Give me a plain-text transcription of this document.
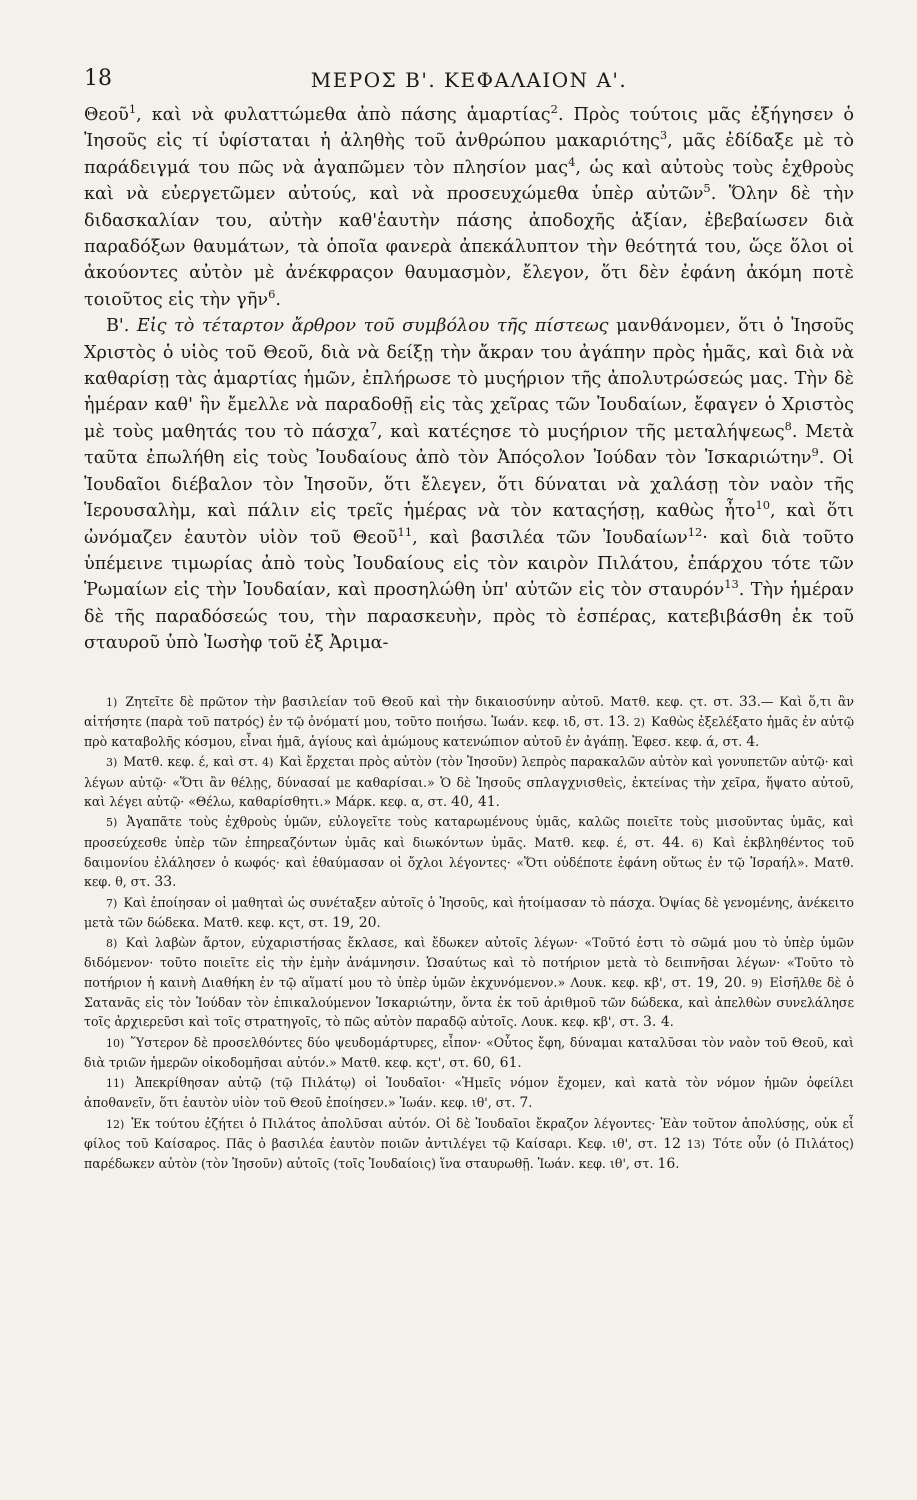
18	ΜΕΡΟΣ Β'. ΚΕΦΑΛΑΙΟΝ Α'.

Θεοῦ$^1$, καὶ νὰ φυλαττώμεθα ἀπὸ πάσης ἁμαρτίας$^2$. Πρὸς τούτοις μᾶς ἐξήγησεν ὁ Ἰησοῦς εἰς τί ὑφίσταται ἡ ἀληθὴς τοῦ ἀνθρώπου μακαριότης$^3$, μᾶς ἐδίδαξε μὲ τὸ παράδειγμά του πῶς νὰ ἀγαπῶμεν τὸν πλησίον μας$^4$, ὡς καὶ αὐτοὺς τοὺς ἐχθροὺς καὶ νὰ εὐεργετῶμεν αὐτούς, καὶ νὰ προσευχώμεθα ὑπὲρ αὐτῶν$^5$. Ὅλην δὲ τὴν διδασκαλίαν του, αὐτὴν καθ'ἑαυτὴν πάσης ἀποδοχῆς ἀξίαν, ἐβεβαίωσεν διὰ παραδόξων θαυμάτων, τὰ ὁποῖα φανερὰ ἀπεκάλυπτον τὴν θεότητά του, ὥςε ὅλοι οἱ ἀκούοντες αὐτὸν μὲ ἀνέκφραςον θαυμασμὸν, ἔλεγον, ὅτι δὲν ἐφάνη ἀκόμη ποτὲ τοιοῦτος εἰς τὴν γῆν$^6$.

Β'. Εἰς τὸ τέταρτον ἄρθρον τοῦ συμβόλου τῆς πίστεως μανθάνομεν, ὅτι ὁ Ἰησοῦς Χριστὸς ὁ υἱὸς τοῦ Θεοῦ, διὰ νὰ δείξῃ τὴν ἄκραν του ἀγάπην πρὸς ἡμᾶς, καὶ διὰ νὰ καθαρίσῃ τὰς ἁμαρτίας ἡμῶν, ἐπλήρωσε τὸ μυςήριον τῆς ἀπολυτρώσεώς μας. Τὴν δὲ ἡμέραν καθ' ἣν ἔμελλε νὰ παραδοθῇ εἰς τὰς χεῖρας τῶν Ἰουδαίων, ἔφαγεν ὁ Χριστὸς μὲ τοὺς μαθητάς του τὸ πάσχα$^7$, καὶ κατέςησε τὸ μυςήριον τῆς μεταλήψεως$^8$. Μετὰ ταῦτα ἐπωλήθη εἰς τοὺς Ἰουδαίους ἀπὸ τὸν Ἀπόςολον Ἰούδαν τὸν Ἰσκαριώτην$^9$. Οἱ Ἰουδαῖοι διέβαλον τὸν Ἰησοῦν, ὅτι ἔλεγεν, ὅτι δύναται νὰ χαλάσῃ τὸν ναὸν τῆς Ἱερουσαλὴμ, καὶ πάλιν εἰς τρεῖς ἡμέρας νὰ τὸν καταςήσῃ, καθὼς ἦτο$^{10}$, καὶ ὅτι ὠνόμαζεν ἑαυτὸν υἱὸν τοῦ Θεοῦ$^{11}$, καὶ βασιλέα τῶν Ἰουδαίων$^{12}$· καὶ διὰ τοῦτο ὑπέμεινε τιμωρίας ἀπὸ τοὺς Ἰουδαίους εἰς τὸν καιρὸν Πιλάτου, ἐπάρχου τότε τῶν Ῥωμαίων εἰς τὴν Ἰουδαίαν, καὶ προσηλώθη ὑπ' αὐτῶν εἰς τὸν σταυρόν$^{13}$. Τὴν ἡμέραν δὲ τῆς παραδόσεώς του, τὴν παρασκευὴν, πρὸς τὸ ἑσπέρας, κατεβιβάσθη ἐκ τοῦ σταυροῦ ὑπὸ Ἰωσὴφ τοῦ ἐξ Ἀριμα-

1) Ζητεῖτε δὲ πρῶτον τὴν βασιλείαν τοῦ Θεοῦ καὶ τὴν δικαιοσύνην αὐτοῦ. Ματθ. κεφ. ςτ. στ. 33.— Καὶ ὅ,τι ἂν αἰτήσητε (παρὰ τοῦ πατρός) ἐν τῷ ὀνόματί μου, τοῦτο ποιήσω. Ἰωάν. κεφ. ιδ, στ. 13. 2) Καθὼς ἐξελέξατο ἡμᾶς ἐν αὐτῷ πρὸ καταβολῆς κόσμου, εἶναι ἡμᾶ, ἁγίους καὶ ἀμώμους κατενώπιον αὐτοῦ ἐν ἀγάπῃ. Ἐφεσ. κεφ. ά, στ. 4.

3) Ματθ. κεφ. έ, καὶ στ. 4) Καὶ ἔρχεται πρὸς αὐτὸν (τὸν Ἰησοῦν) λεπρὸς παρακαλῶν αὐτὸν καὶ γονυπετῶν αὐτῷ· καὶ λέγων αὐτῷ· «Ὅτι ἂν θέλῃς, δύνασαί με καθαρίσαι.» Ὁ δὲ Ἰησοῦς σπλαγχνισθεὶς, ἐκτείνας τὴν χεῖρα, ἥψατο αὐτοῦ, καὶ λέγει αὐτῷ· «Θέλω, καθαρίσθητι.» Μάρκ. κεφ. α, στ. 40, 41.

5) Ἀγαπᾶτε τοὺς ἐχθροὺς ὑμῶν, εὐλογεῖτε τοὺς καταρωμένους ὑμᾶς, καλῶς ποιεῖτε τοὺς μισοῦντας ὑμᾶς, καὶ προσεύχεσθε ὑπὲρ τῶν ἐπηρεαζόντων ὑμᾶς καὶ διωκόντων ὑμᾶς. Ματθ. κεφ. έ, στ. 44. 6) Καὶ ἐκβληθέντος τοῦ δαιμονίου ἐλάλησεν ὁ κωφός· καὶ ἐθαύμασαν οἱ ὄχλοι λέγοντες· «Ὅτι οὐδέποτε ἐφάνη οὕτως ἐν τῷ Ἰσραήλ». Ματθ. κεφ. θ, στ. 33.

7) Καὶ ἐποίησαν οἱ μαθηταὶ ὡς συνέταξεν αὐτοῖς ὁ Ἰησοῦς, καὶ ἡτοίμασαν τὸ πάσχα. Ὀψίας δὲ γενομένης, ἀνέκειτο μετὰ τῶν δώδεκα. Ματθ. κεφ. κςτ, στ. 19, 20.

8) Καὶ λαβὼν ἄρτον, εὐχαριστήσας ἔκλασε, καὶ ἔδωκεν αὐτοῖς λέγων· «Τοῦτό ἐστι τὸ σῶμά μου τὸ ὑπὲρ ὑμῶν διδόμενον· τοῦτο ποιεῖτε εἰς τὴν ἐμὴν ἀνάμνησιν. Ὡσαύτως καὶ τὸ ποτήριον μετὰ τὸ δειπνῆσαι λέγων· «Τοῦτο τὸ ποτήριον ἡ καινὴ Διαθήκη ἐν τῷ αἵματί μου τὸ ὑπὲρ ὑμῶν ἐκχυνόμενον.» Λουκ. κεφ. κβ', στ. 19, 20. 9) Εἰσῆλθε δὲ ὁ Σατανᾶς εἰς τὸν Ἰούδαν τὸν ἐπικαλούμενον Ἰσκαριώτην, ὄντα ἐκ τοῦ ἀριθμοῦ τῶν δώδεκα, καὶ ἀπελθὼν συνελάλησε τοῖς ἀρχιερεῦσι καὶ τοῖς στρατηγοῖς, τὸ πῶς αὐτὸν παραδῷ αὐτοῖς. Λουκ. κεφ. κβ', στ. 3. 4.

10) Ὕστερον δὲ προσελθόντες δύο ψευδομάρτυρες, εἶπον· «Οὗτος ἔφη, δύναμαι καταλῦσαι τὸν ναὸν τοῦ Θεοῦ, καὶ διὰ τριῶν ἡμερῶν οἰκοδομῆσαι αὐτόν.» Ματθ. κεφ. κςτ', στ. 60, 61.

11) Ἀπεκρίθησαν αὐτῷ (τῷ Πιλάτῳ) οἱ Ἰουδαῖοι· «Ἡμεῖς νόμον ἔχομεν, καὶ κατὰ τὸν νόμον ἡμῶν ὀφείλει ἀποθανεῖν, ὅτι ἑαυτὸν υἱὸν τοῦ Θεοῦ ἐποίησεν.» Ἰωάν. κεφ. ιθ', στ. 7.

12) Ἐκ τούτου ἐζήτει ὁ Πιλάτος ἀπολῦσαι αὐτόν. Οἱ δὲ Ἰουδαῖοι ἔκραζον λέγοντες· Ἐὰν τοῦτον ἀπολύσῃς, οὐκ εἶ φίλος τοῦ Καίσαρος. Πᾶς ὁ βασιλέα ἑαυτὸν ποιῶν ἀντιλέγει τῷ Καίσαρι. Κεφ. ιθ', στ. 12 13) Τότε οὖν (ὁ Πιλάτος) παρέδωκεν αὐτὸν (τὸν Ἰησοῦν) αὐτοῖς (τοῖς Ἰουδαίοις) ἵνα σταυρωθῇ. Ἰωάν. κεφ. ιθ', στ. 16.
